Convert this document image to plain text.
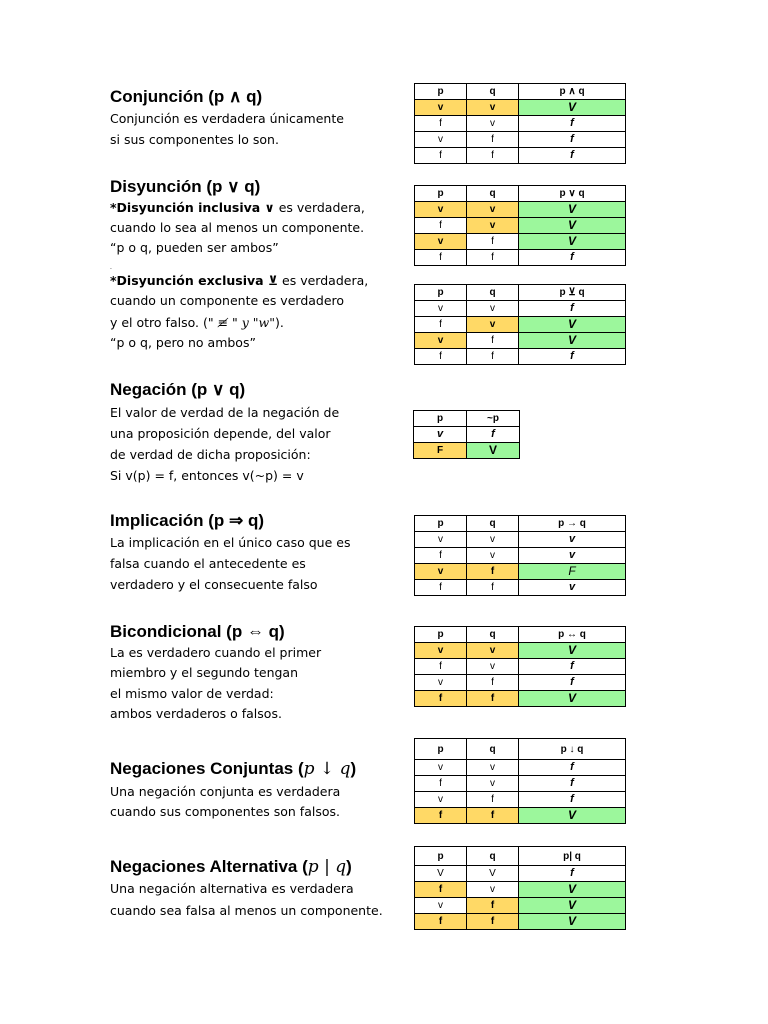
Conjunción (p ∧ q)
Conjunción es verdadera únicamente
si sus componentes lo son.
p	q	p ∧ q
v	v	V
f	v	f
v	f	f
f	f	f
Disyunción (p ∨ q)
*Disyunción inclusiva ∨ es verdadera,
cuando lo sea al menos un componente.
“p o q, pueden ser ambos”
.
*Disyunción exclusiva ⊻ es verdadera,
cuando un componente es verdadero
y el otro falso. (" ≢ " y "w").
“p o q, pero no ambos”
p	q	p ∨ q
v	v	V
f	v	V
v	f	V
f	f	f
p	q	p ⊻ q
v	v	f
f	v	V
v	f	V
f	f	f
Negación (p ∨ q)
El valor de verdad de la negación de
una proposición depende, del valor
de verdad de dicha proposición:
Si v(p) = f, entonces v(~p) = v
p	~p
v	f
F	V
Implicación (p ⇒ q)
La implicación en el único caso que es
falsa cuando el antecedente es
verdadero y el consecuente falso
p	q	p → q
v	v	v
f	v	v
v	f	F
f	f	v
Bicondicional (p ⇔ q)
La es verdadero cuando el primer
miembro y el segundo tengan
el mismo valor de verdad:
ambos verdaderos o falsos.
p	q	p ↔ q
v	v	V
f	v	f
v	f	f
f	f	V
Negaciones Conjuntas (p ↓ q)
Una negación conjunta es verdadera
cuando sus componentes son falsos.
p	q	p ↓ q
v	v	f
f	v	f
v	f	f
f	f	V
Negaciones Alternativa (p | q)
Una negación alternativa es verdadera
cuando sea falsa al menos un componente.
p	q	p| q
V	V	f
f	v	V
v	f	V
f	f	V
